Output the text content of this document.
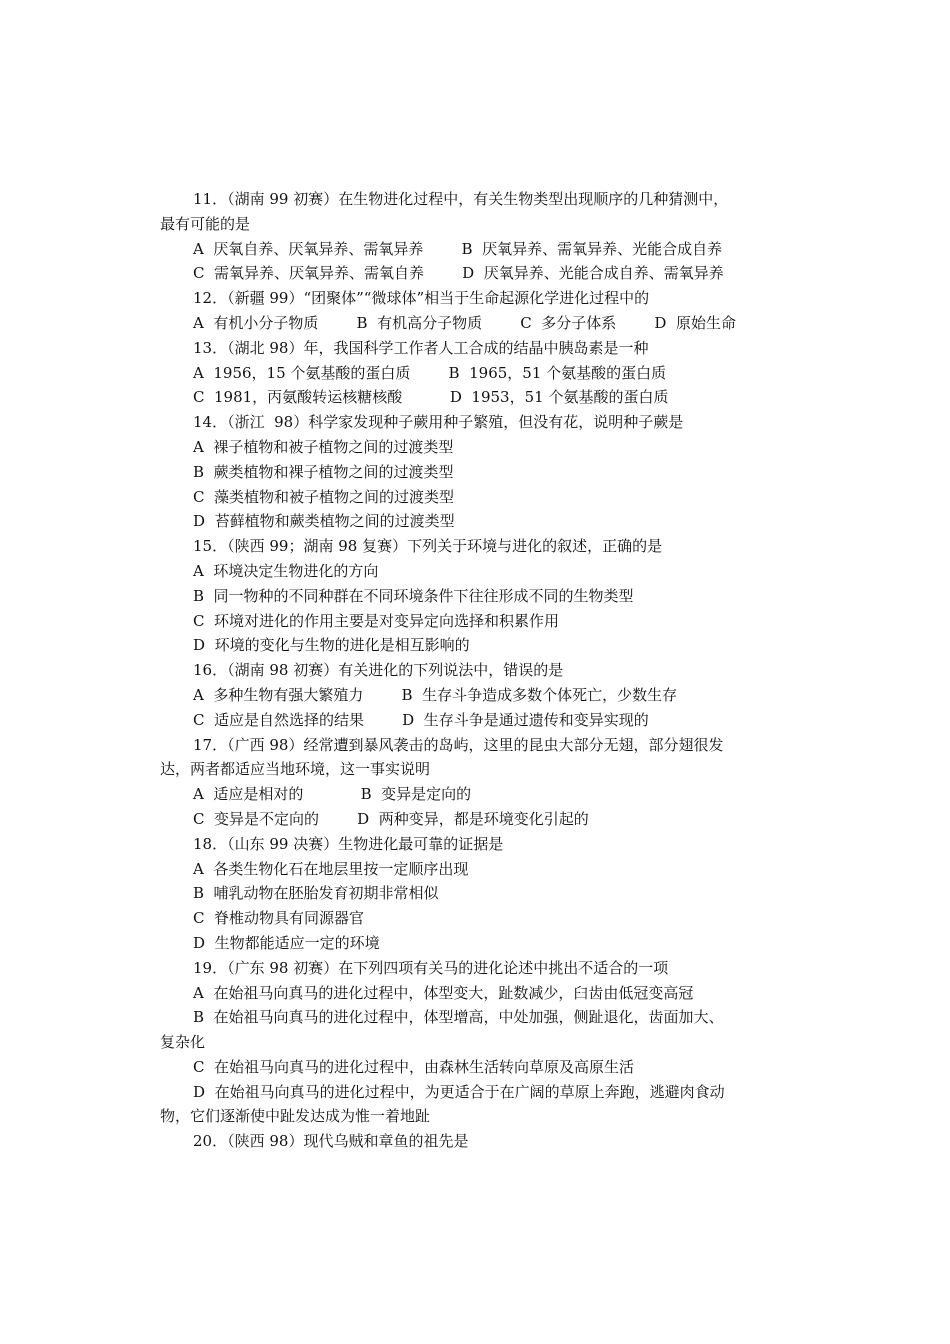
11．（湖南 99 初赛）在生物进化过程中，有关生物类型出现顺序的几种猜测中，
最有可能的是
A  厌氧自养、厌氧异养、需氧异养        B  厌氧异养、需氧异养、光能合成自养
C  需氧异养、厌氧异养、需氧自养        D  厌氧异养、光能合成自养、需氧异养
12．（新疆 99）“团聚体”“微球体”相当于生命起源化学进化过程中的
A  有机小分子物质        B  有机高分子物质        C  多分子体系        D  原始生命
13．（湖北 98）年，我国科学工作者人工合成的结晶中胰岛素是一种
A  1956，15 个氨基酸的蛋白质        B  1965，51 个氨基酸的蛋白质
C  1981，丙氨酸转运核糖核酸          D  1953，51 个氨基酸的蛋白质
14．（浙江  98）科学家发现种子蕨用种子繁殖，但没有花，说明种子蕨是
A  裸子植物和被子植物之间的过渡类型
B  蕨类植物和裸子植物之间的过渡类型
C  藻类植物和被子植物之间的过渡类型
D  苔藓植物和蕨类植物之间的过渡类型
15．（陕西 99；湖南 98 复赛）下列关于环境与进化的叙述，正确的是
A  环境决定生物进化的方向
B  同一物种的不同种群在不同环境条件下往往形成不同的生物类型
C  环境对进化的作用主要是对变异定向选择和积累作用
D  环境的变化与生物的进化是相互影响的
16．（湖南 98 初赛）有关进化的下列说法中，错误的是
A  多种生物有强大繁殖力        B  生存斗争造成多数个体死亡，少数生存
C  适应是自然选择的结果        D  生存斗争是通过遗传和变异实现的
17．（广西 98）经常遭到暴风袭击的岛屿，这里的昆虫大部分无翅，部分翅很发
达，两者都适应当地环境，这一事实说明
A  适应是相对的            B  变异是定向的
C  变异是不定向的        D  两种变异，都是环境变化引起的
18．（山东 99 决赛）生物进化最可靠的证据是
A  各类生物化石在地层里按一定顺序出现
B  哺乳动物在胚胎发育初期非常相似
C  脊椎动物具有同源器官
D  生物都能适应一定的环境
19．（广东 98 初赛）在下列四项有关马的进化论述中挑出不适合的一项
A  在始祖马向真马的进化过程中，体型变大，趾数减少，臼齿由低冠变高冠
B  在始祖马向真马的进化过程中，体型增高，中处加强，侧趾退化，齿面加大、
复杂化
C  在始祖马向真马的进化过程中，由森林生活转向草原及高原生活
D  在始祖马向真马的进化过程中，为更适合于在广阔的草原上奔跑，逃避肉食动
物，它们逐渐使中趾发达成为惟一着地趾
20．（陕西 98）现代乌贼和章鱼的祖先是
